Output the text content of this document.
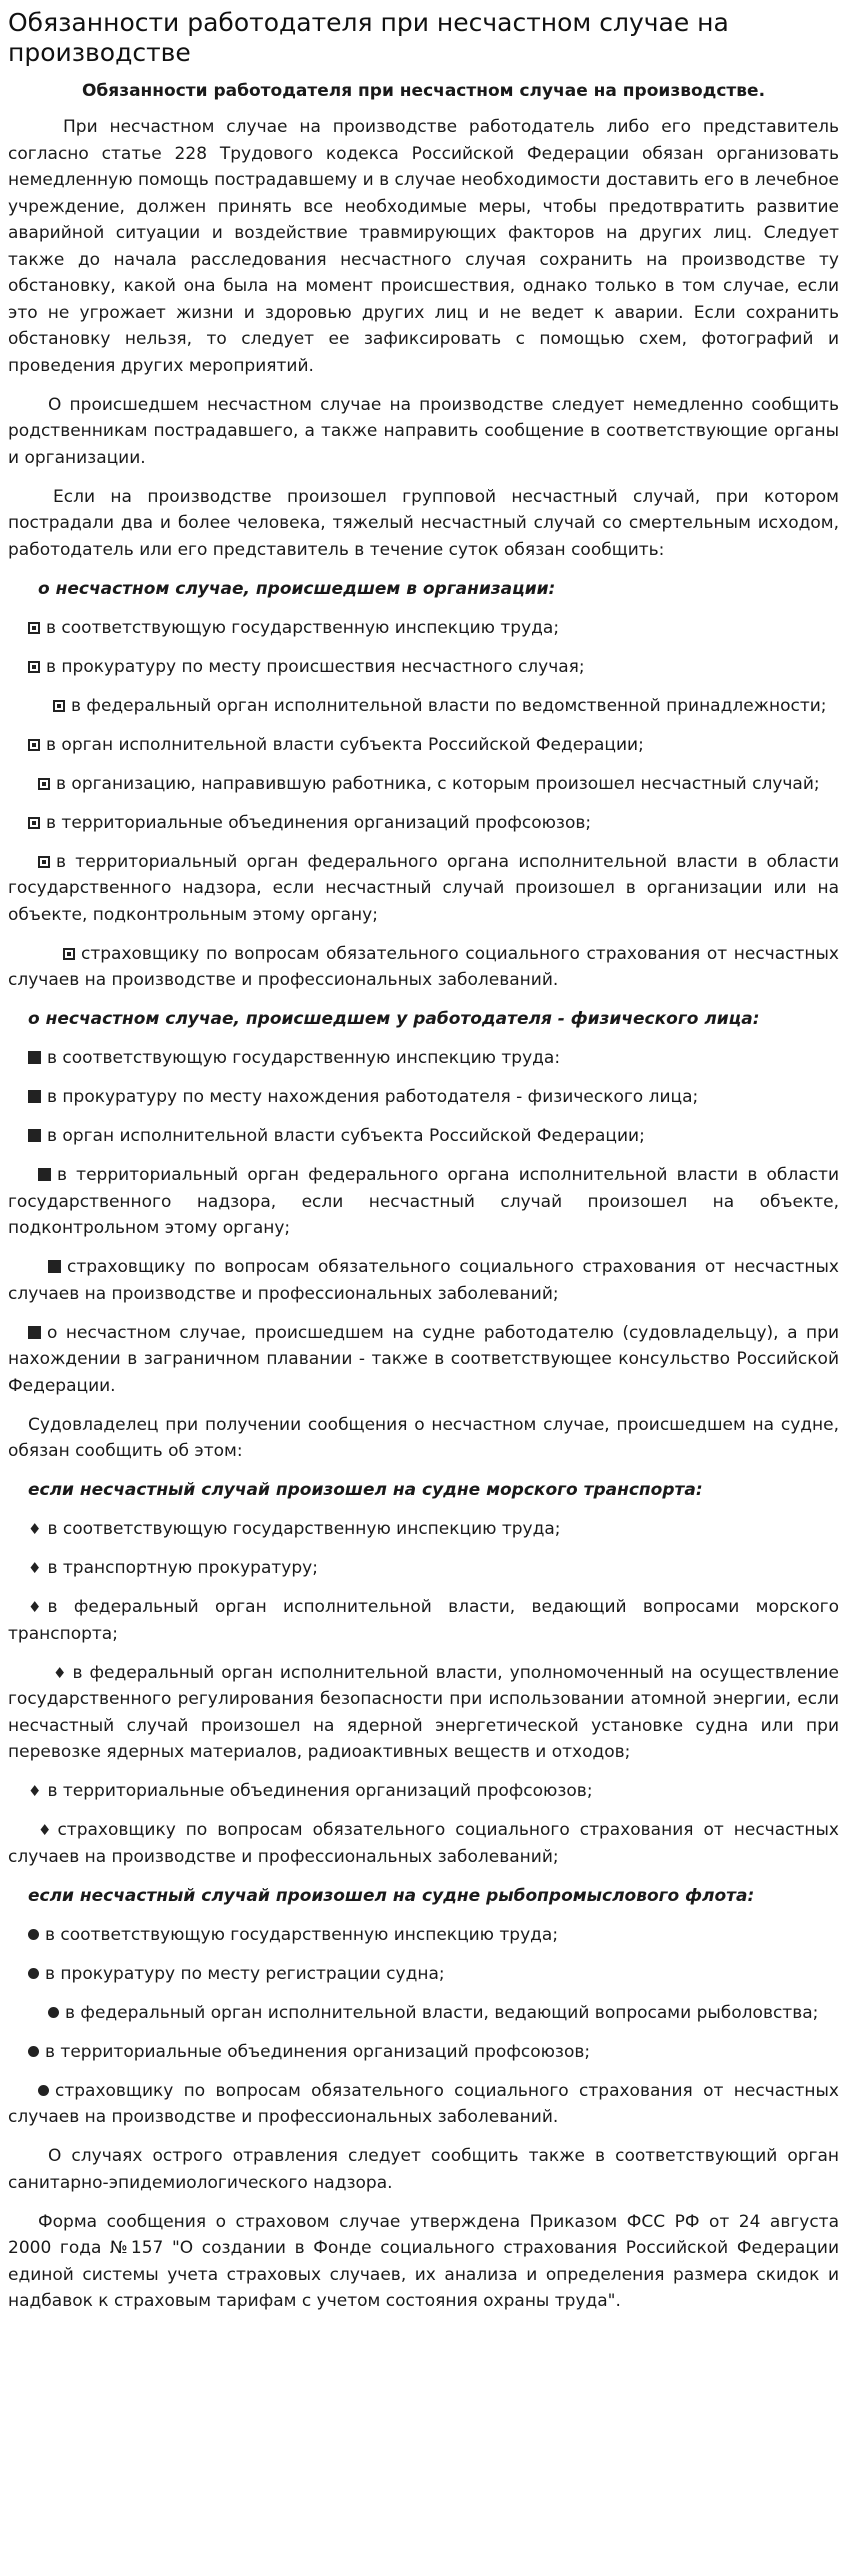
Обязанности работодателя при несчастном случае на производстве
Обязанности работодателя при несчастном случае на производстве.

При несчастном случае на производстве работодатель либо его представитель согласно статье 228 Трудового кодекса Российской Федерации обязан организовать немедленную помощь пострадавшему и в случае необходимости доставить его в лечебное учреждение, должен принять все необходимые меры, чтобы предотвратить развитие аварийной ситуации и воздействие травмирующих факторов на других лиц. Следует также до начала расследования несчастного случая сохранить на производстве ту обстановку, какой она была на момент происшествия, однако только в том случае, если это не угрожает жизни и здоровью других лиц и не ведет к аварии. Если сохранить обстановку нельзя, то следует ее зафиксировать с помощью схем, фотографий и проведения других мероприятий.

О происшедшем несчастном случае на производстве следует немедленно сообщить родственникам пострадавшего, а также направить сообщение в соответствующие органы и организации.

Если на производстве произошел групповой несчастный случай, при котором пострадали два и более человека, тяжелый несчастный случай со смертельным исходом, работодатель или его представитель в течение суток обязан сообщить:

о несчастном случае, происшедшем в организации:

в соответствующую государственную инспекцию труда;

в прокуратуру по месту происшествия несчастного случая;

в федеральный орган исполнительной власти по ведомственной принадлежности;

в орган исполнительной власти субъекта Российской Федерации;

в организацию, направившую работника, с которым произошел несчастный случай;

в территориальные объединения организаций профсоюзов;

в территориальный орган федерального органа исполнительной власти в области государственного надзора, если несчастный случай произошел в организации или на объекте, подконтрольным этому органу;

страховщику по вопросам обязательного социального страхования от несчастных случаев на производстве и профессиональных заболеваний.

о несчастном случае, происшедшем у работодателя - физического лица:

в соответствующую государственную инспекцию труда:

в прокуратуру по месту нахождения работодателя - физического лица;

в орган исполнительной власти субъекта Российской Федерации;

в территориальный орган федерального органа исполнительной власти в области государственного надзора, если несчастный случай произошел на объекте, подконтрольном этому органу;

страховщику по вопросам обязательного социального страхования от несчастных случаев на производстве и профессиональных заболеваний;

о несчастном случае, происшедшем на судне работодателю (судовладельцу), а при нахождении в заграничном плавании - также в соответствующее консульство Российской Федерации.

Судовладелец при получении сообщения о несчастном случае, происшедшем на судне, обязан сообщить об этом:

если несчастный случай произошел на судне морского транспорта:

♦ в соответствующую государственную инспекцию труда;

♦ в транспортную прокуратуру;

♦ в федеральный орган исполнительной власти, ведающий вопросами морского транспорта;

♦ в федеральный орган исполнительной власти, уполномоченный на осуществление государственного регулирования безопасности при использовании атомной энергии, если несчастный случай произошел на ядерной энергетической установке судна или при перевозке ядерных материалов, радиоактивных веществ и отходов;

♦ в территориальные объединения организаций профсоюзов;

♦ страховщику по вопросам обязательного социального страхования от несчастных случаев на производстве и профессиональных заболеваний;

если несчастный случай произошел на судне рыбопромыслового флота:

в соответствующую государственную инспекцию труда;

в прокуратуру по месту регистрации судна;

в федеральный орган исполнительной власти, ведающий вопросами рыболовства;

в территориальные объединения организаций профсоюзов;

страховщику по вопросам обязательного социального страхования от несчастных случаев на производстве и профессиональных заболеваний.

О случаях острого отравления следует сообщить также в соответствующий орган санитарно-эпидемиологического надзора.

Форма сообщения о страховом случае утверждена Приказом ФСС РФ от 24 августа 2000 года №157 "О создании в Фонде социального страхования Российской Федерации единой системы учета страховых случаев, их анализа и определения размера скидок и надбавок к страховым тарифам с учетом состояния охраны труда".
